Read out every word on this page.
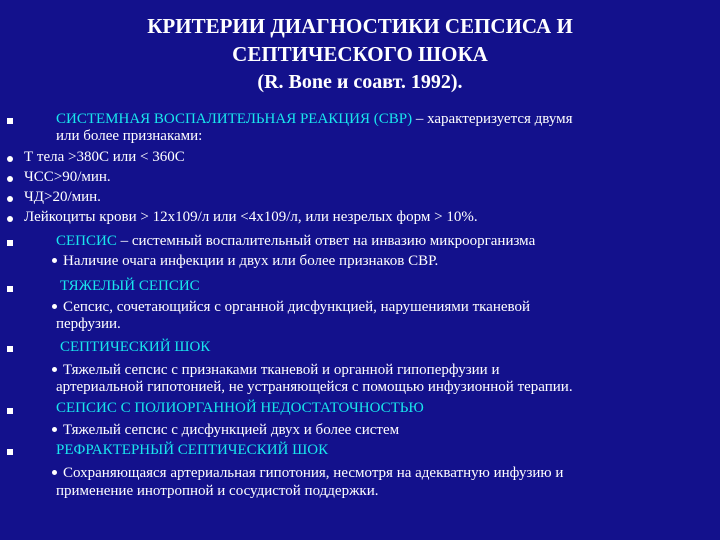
КРИТЕРИИ ДИАГНОСТИКИ СЕПСИСА И
СЕПТИЧЕСКОГО ШОКА
(R. Bone и соавт. 1992).
СИСТЕМНАЯ ВОСПАЛИТЕЛЬНАЯ РЕАКЦИЯ (СВР) – характеризуется двумя
или более признаками:
Т тела >380С или < 360С
ЧСС>90/мин.
ЧД>20/мин.
Лейкоциты крови > 12х109/л или <4х109/л, или незрелых форм > 10%.
СЕПСИС – системный воспалительный ответ на инвазию микроорганизма
Наличие очага инфекции и двух или более признаков СВР.
ТЯЖЕЛЫЙ СЕПСИС
Сепсис, сочетающийся с органной дисфункцией, нарушениями тканевой
перфузии.
СЕПТИЧЕСКИЙ ШОК
Тяжелый сепсис с признаками тканевой и органной гипоперфузии и
артериальной гипотонией, не устраняющейся с помощью инфузионной терапии.
СЕПСИС С ПОЛИОРГАННОЙ НЕДОСТАТОЧНОСТЬЮ
Тяжелый сепсис с дисфункцией двух и более систем
РЕФРАКТЕРНЫЙ СЕПТИЧЕСКИЙ ШОК
Сохраняющаяся артериальная гипотония, несмотря на адекватную инфузию и
применение инотропной и сосудистой поддержки.
